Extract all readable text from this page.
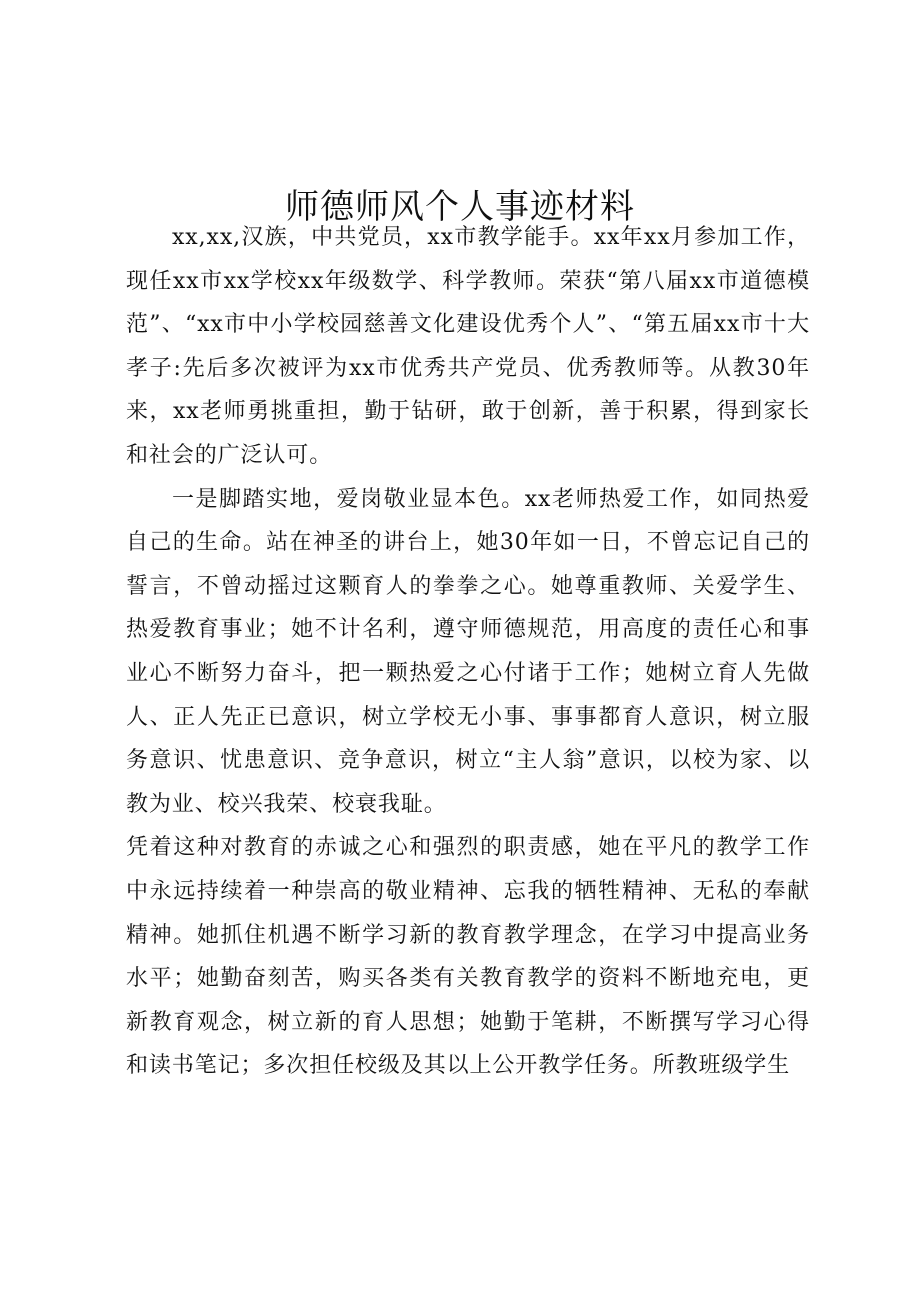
师德师风个人事迹材料

xx,xx,汉族，中共党员，xx市教学能手。xx年xx月参加工作，现任xx市xx学校xx年级数学、科学教师。荣获“第八届xx市道德模范”、“xx市中小学校园慈善文化建设优秀个人”、“第五届xx市十大孝子:先后多次被评为xx市优秀共产党员、优秀教师等。从教30年来，xx老师勇挑重担，勤于钻研，敢于创新，善于积累，得到家长和社会的广泛认可。

一是脚踏实地，爱岗敬业显本色。xx老师热爱工作，如同热爱自己的生命。站在神圣的讲台上，她30年如一日，不曾忘记自己的誓言，不曾动摇过这颗育人的拳拳之心。她尊重教师、关爱学生、热爱教育事业；她不计名利，遵守师德规范，用高度的责任心和事业心不断努力奋斗，把一颗热爱之心付诸于工作；她树立育人先做人、正人先正已意识，树立学校无小事、事事都育人意识，树立服务意识、忧患意识、竞争意识，树立“主人翁”意识，以校为家、以教为业、校兴我荣、校衰我耻。

凭着这种对教育的赤诚之心和强烈的职责感，她在平凡的教学工作中永远持续着一种崇高的敬业精神、忘我的牺牲精神、无私的奉献精神。她抓住机遇不断学习新的教育教学理念，在学习中提高业务水平；她勤奋刻苦，购买各类有关教育教学的资料不断地充电，更新教育观念，树立新的育人思想；她勤于笔耕，不断撰写学习心得和读书笔记；多次担任校级及其以上公开教学任务。所教班级学生
